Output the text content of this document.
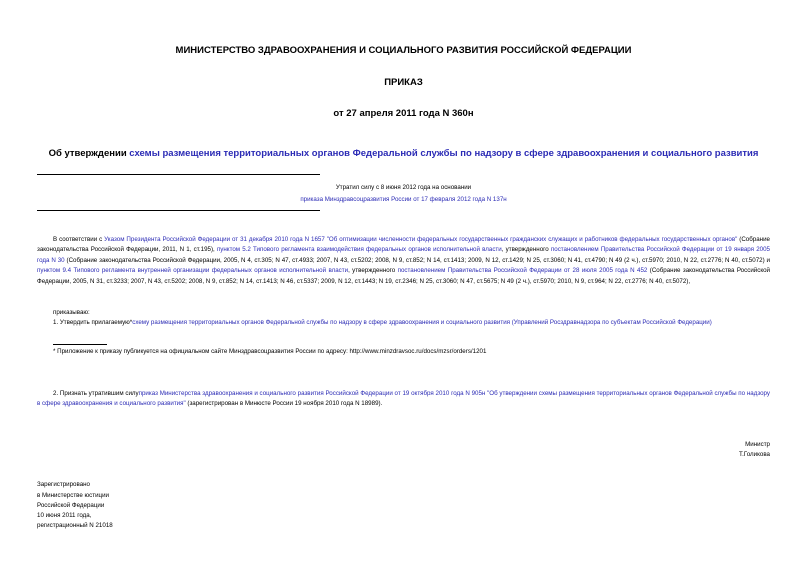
МИНИСТЕРСТВО ЗДРАВООХРАНЕНИЯ И СОЦИАЛЬНОГО РАЗВИТИЯ РОССИЙСКОЙ ФЕДЕРАЦИИ
ПРИКАЗ
от 27 апреля 2011 года N 360н
Об утверждении схемы размещения территориальных органов Федеральной службы по надзору в сфере здравоохранения и социального развития
Утратил силу с 8 июня 2012 года на основании
приказа Минздравсоцразвития России от 17 февраля 2012 года N 137н
В соответствии с Указом Президента Российской Федерации от 31 декабря 2010 года N 1657 "Об оптимизации численности федеральных государственных гражданских служащих и работников федеральных государственных органов" (Собрание законодательства Российской Федерации, 2011, N 1, ст.195), пунктом 5.2 Типового регламента взаимодействия федеральных органов исполнительной власти, утвержденного постановлением Правительства Российской Федерации от 19 января 2005 года N 30 (Собрание законодательства Российской Федерации, 2005, N 4, ст.305; N 47, ст.4933; 2007, N 43, ст.5202; 2008, N 9, ст.852; N 14, ст.1413; 2009, N 12, ст.1429; N 25, ст.3060; N 41, ст.4790; N 49 (2 ч.), ст.5970; 2010, N 22, ст.2776; N 40, ст.5072) и пунктом 9.4 Типового регламента внутренней организации федеральных органов исполнительной власти, утвержденного постановлением Правительства Российской Федерации от 28 июля 2005 года N 452 (Собрание законодательства Российской Федерации, 2005, N 31, ст.3233; 2007, N 43, ст.5202; 2008, N 9, ст.852; N 14, ст.1413; N 46, ст.5337; 2009, N 12, ст.1443; N 19, ст.2346; N 25, ст.3060; N 47, ст.5675; N 49 (2 ч.), ст.5970; 2010, N 9, ст.964; N 22, ст.2776; N 40, ст.5072),
приказываю:
1. Утвердить прилагаемую*схему размещения территориальных органов Федеральной службы по надзору в сфере здравоохранения и социального развития (Управлений Росздравнадзора по субъектам Российской Федерации)
* Приложение к приказу публикуется на официальном сайте Минздравсоцразвития России по адресу: http://www.minzdravsoc.ru/docs/mzsr/orders/1201
2. Признать утратившим силуприказ Министерства здравоохранения и социального развития Российской Федерации от 19 октября 2010 года N 905н "Об утверждении схемы размещения территориальных органов Федеральной службы по надзору в сфере здравоохранения и социального развития" (зарегистрирован в Минюсте России 19 ноября 2010 года N 18989).
Министр
Т.Голикова
Зарегистрировано
в Министерстве юстиции
Российской Федерации
10 июня 2011 года,
регистрационный N 21018
